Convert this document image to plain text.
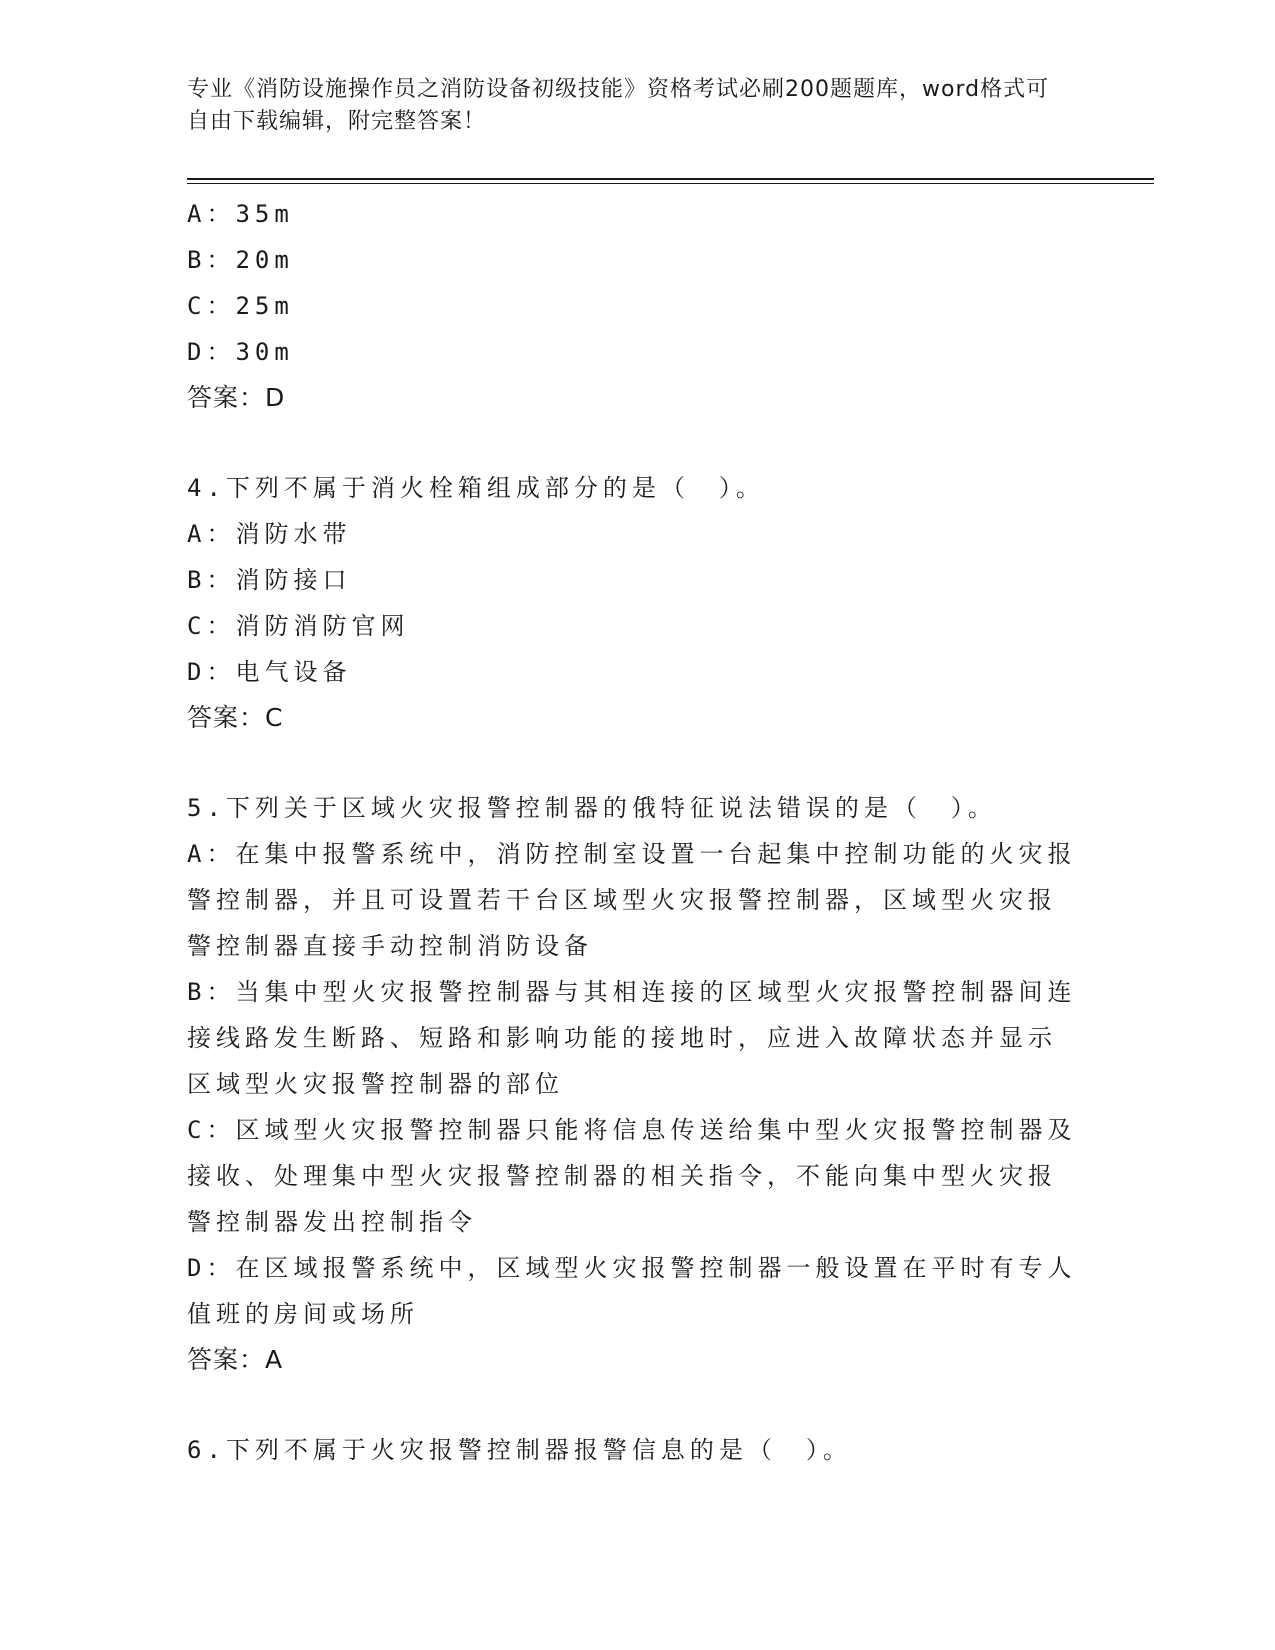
专业《消防设施操作员之消防设备初级技能》资格考试必刷200题题库，word格式可自由下载编辑，附完整答案！

A：35m

B：20m

C：25m

D：30m

答案：D

4.下列不属于消火栓箱组成部分的是（　）。

A：消防水带

B：消防接口

C：消防消防官网

D：电气设备

答案：C

5.下列关于区域火灾报警控制器的俄特征说法错误的是（　）。

A：在集中报警系统中，消防控制室设置一台起集中控制功能的火灾报

警控制器，并且可设置若干台区域型火灾报警控制器，区域型火灾报

警控制器直接手动控制消防设备

B：当集中型火灾报警控制器与其相连接的区域型火灾报警控制器间连

接线路发生断路、短路和影响功能的接地时，应进入故障状态并显示

区域型火灾报警控制器的部位

C：区域型火灾报警控制器只能将信息传送给集中型火灾报警控制器及

接收、处理集中型火灾报警控制器的相关指令，不能向集中型火灾报

警控制器发出控制指令

D：在区域报警系统中，区域型火灾报警控制器一般设置在平时有专人

值班的房间或场所

答案：A

6.下列不属于火灾报警控制器报警信息的是（　）。
